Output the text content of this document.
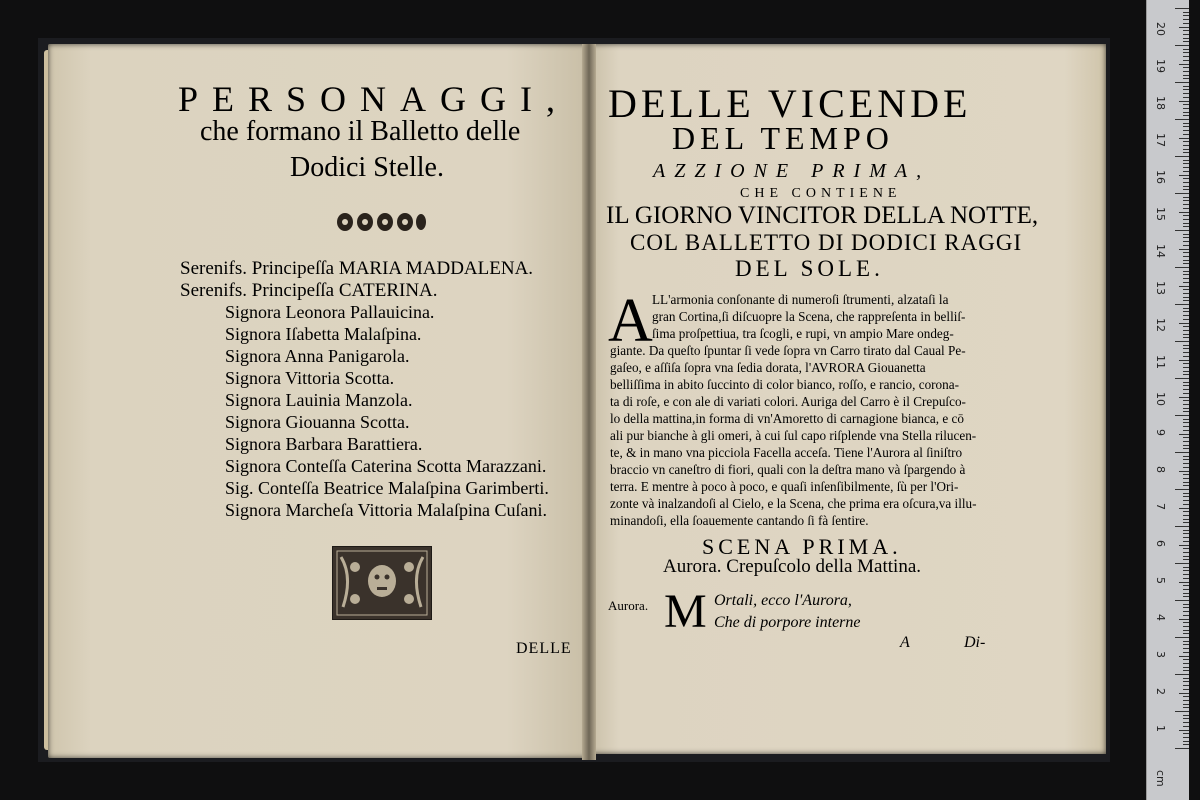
PERSONAGGI,
che formano il Balletto delle
Dodici Stelle.
Serenifs. Principeſſa MARIA MADDALENA.
Serenifs. Principeſſa CATERINA.
Signora Leonora Pallauicina.
Signora Iſabetta Malaſpina.
Signora Anna Panigarola.
Signora Vittoria Scotta.
Signora Lauinia Manzola.
Signora Giouanna Scotta.
Signora Barbara Barattiera.
Signora Conteſſa Caterina Scotta Marazzani.
Sig. Conteſſa Beatrice Malaſpina Garimberti.
Signora Marcheſa Vittoria Malaſpina Cuſani.
DELLE
DELLE VICENDE
DEL TEMPO
AZZIONE PRIMA,
CHE CONTIENE
IL GIORNO VINCITOR DELLA NOTTE,
COL BALLETTO DI DODICI RAGGI
DEL SOLE.
A LL'armonia conſonante di numeroſi ſtrumenti, alzataſi la
gran Cortina,ſi diſcuopre la Scena, che rappreſenta in belliſ-
ſima proſpettiua, tra ſcogli, e rupi, vn ampio Mare ondeg-
giante. Da queſto ſpuntar ſi vede ſopra vn Carro tirato dal Caual Pe-
gaſeo, e aſſiſa ſopra vna ſedia dorata, l'AVRORA Giouanetta
belliſſima in abito ſuccinto di color bianco, roſſo, e rancio, corona-
ta di roſe, e con ale di variati colori. Auriga del Carro è il Crepuſco-
lo della mattina,in forma di vn'Amoretto di carnagione bianca, e cō
ali pur bianche à gli omeri, à cui ſul capo riſplende vna Stella rilucen-
te, & in mano vna picciola Facella acceſa. Tiene l'Aurora al ſiniſtro
braccio vn caneſtro di fiori, quali con la deſtra mano và ſpargendo à
terra. E mentre à poco à poco, e quaſi inſenſibilmente, ſù per l'Ori-
zonte và inalzandoſi al Cielo, e la Scena, che prima era oſcura,va illu-
minandoſi, ella ſoauemente cantando ſi fà ſentire.
SCENA PRIMA.
Aurora. Crepuſcolo della Mattina.
Aurora. M Ortali, ecco l'Aurora,
Che di porpore interne
A	Di-
20
19
18
17
16
15
14
13
12
11
10
9
8
7
6
5
4
3
2
1
cm
